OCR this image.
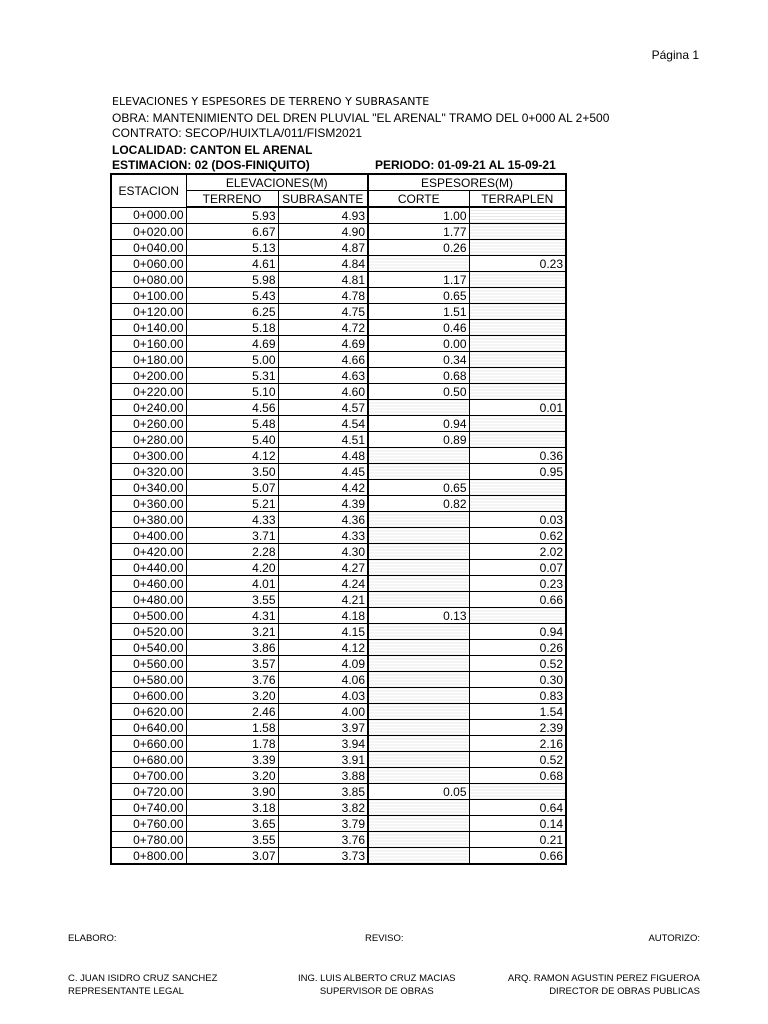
Página 1
ELEVACIONES Y ESPESORES DE TERRENO Y SUBRASANTE
OBRA: MANTENIMIENTO DEL DREN PLUVIAL "EL ARENAL" TRAMO DEL 0+000 AL 2+500
CONTRATO: SECOP/HUIXTLA/011/FISM2021
LOCALIDAD: CANTON EL ARENAL
ESTIMACION: 02 (DOS-FINIQUITO)	PERIODO: 01-09-21 AL 15-09-21
ESTACION	ELEVACIONES(M)		ESPESORES(M)	
	TERRENO	SUBRASANTE	CORTE	TERRAPLEN
0+000.00	5.93	4.93	1.00	
0+020.00	6.67	4.90	1.77	
0+040.00	5.13	4.87	0.26	
0+060.00	4.61	4.84		0.23
0+080.00	5.98	4.81	1.17	
0+100.00	5.43	4.78	0.65	
0+120.00	6.25	4.75	1.51	
0+140.00	5.18	4.72	0.46	
0+160.00	4.69	4.69	0.00	
0+180.00	5.00	4.66	0.34	
0+200.00	5.31	4.63	0.68	
0+220.00	5.10	4.60	0.50	
0+240.00	4.56	4.57		0.01
0+260.00	5.48	4.54	0.94	
0+280.00	5.40	4.51	0.89	
0+300.00	4.12	4.48		0.36
0+320.00	3.50	4.45		0.95
0+340.00	5.07	4.42	0.65	
0+360.00	5.21	4.39	0.82	
0+380.00	4.33	4.36		0.03
0+400.00	3.71	4.33		0.62
0+420.00	2.28	4.30		2.02
0+440.00	4.20	4.27		0.07
0+460.00	4.01	4.24		0.23
0+480.00	3.55	4.21		0.66
0+500.00	4.31	4.18	0.13	
0+520.00	3.21	4.15		0.94
0+540.00	3.86	4.12		0.26
0+560.00	3.57	4.09		0.52
0+580.00	3.76	4.06		0.30
0+600.00	3.20	4.03		0.83
0+620.00	2.46	4.00		1.54
0+640.00	1.58	3.97		2.39
0+660.00	1.78	3.94		2.16
0+680.00	3.39	3.91		0.52
0+700.00	3.20	3.88		0.68
0+720.00	3.90	3.85	0.05	
0+740.00	3.18	3.82		0.64
0+760.00	3.65	3.79		0.14
0+780.00	3.55	3.76		0.21
0+800.00	3.07	3.73		0.66
ELABORO:	REVISO:	AUTORIZO:
C. JUAN ISIDRO CRUZ SANCHEZ
REPRESENTANTE LEGAL
ING. LUIS ALBERTO CRUZ MACIAS
SUPERVISOR DE OBRAS
ARQ. RAMON AGUSTIN PEREZ FIGUEROA
DIRECTOR DE OBRAS PUBLICAS
